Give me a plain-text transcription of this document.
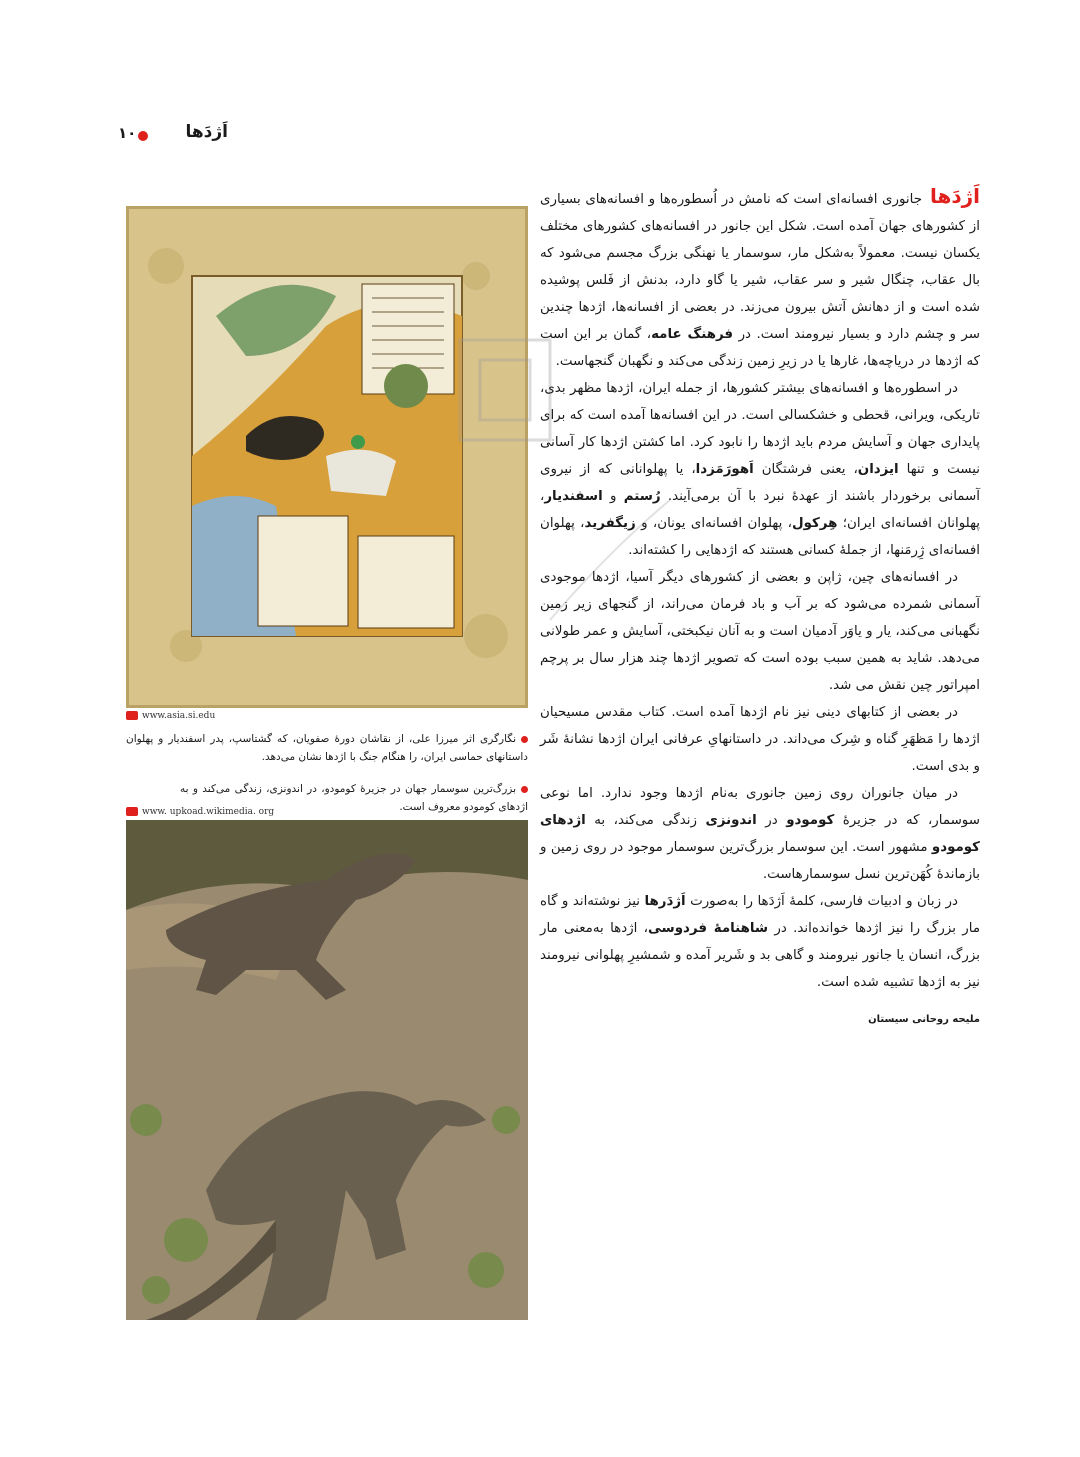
اَژدَها
۱۰
www.asia.si.edu
نگارگری اثر میرزا علی، از نقاشان دورهٔ صفویان، که گشتاسپ، پدر اسفندیار و پهلوان داستانهای حماسی ایران، را هنگام جنگ با اژدها نشان می‌دهد.
بزرگ‌ترین سوسمار جهان در جزیرهٔ کومودو، در اندونزی، زندگی می‌کند و به اژدهای کومودو معروف است.
www. upkoad.wikimedia. org

اَژدَهاجانوری افسانه‌ای است که نامش در اُسطوره‌ها و افسانه‌های بسیاری از کشورهای جهان آمده است. شکل این جانور در افسانه‌های کشورهای مختلف یکسان نیست. معمولاً به‌شکل مار، سوسمار یا نهنگی بزرگ مجسم می‌شود که بال عقاب، چنگال شیر و سر عقاب، شیر یا گاو دارد، بدنش از فَلس پوشیده شده است و از دهانش آتش بیرون می‌زند. در بعضی از افسانه‌ها، اژدها چندین سر و چشم دارد و بسیار نیرومند است. در فرهنگ عامه، گمان بر این است که اژدها در دریاچه‌ها، غارها یا در زیرِ زمین زندگی می‌کند و نگهبان گنجهاست.

در اسطوره‌ها و افسانه‌های بیشتر کشورها، از جمله ایران، اژدها مظهر بدی، تاریکی، ویرانی، قحطی و خشکسالی است. در این افسانه‌ها آمده است که برای پایداری جهان و آسایش مردم باید اژدها را نابود کرد. اما کشتن اژدها کار آسانی نیست و تنها ایزدان، یعنی فرشتگان اَهورَمَزدا، یا پهلوانانی که از نیروی آسمانی برخوردار باشند از عهدهٔ نبرد با آن برمی‌آیند. رُستم و اسفندیار، پهلوانان افسانه‌ای ایران؛ هِرکول، پهلوان افسانه‌ای یونان، و زیگفرید، پهلوان افسانه‌ای ژِرمَنها، از جملهٔ کسانی هستند که اژدهایی را کشته‌اند.

در افسانه‌های چین، ژاپن و بعضی از کشورهای دیگر آسیا، اژدها موجودی آسمانی شمرده می‌شود که بر آب و باد فرمان می‌راند، از گنجهای زیر زمین نگهبانی می‌کند، یار و یاوَر آدمیان است و به آنان نیکبختی، آسایش و عمر طولانی می‌دهد. شاید به همین سبب بوده است که تصویر اژدها چند هزار سال بر پرچم امپراتور چین نقش می‌ شد.

در بعضی از کتابهای دینی نیز نام اژدها آمده است. کتاب مقدس مسیحیان اژدها را مَظهَرِ گناه و شِرک می‌داند. در داستانهایِ عرفانی ایران اژدها نشانهٔ شَر و بدی است.

در میان جانوران روی زمین جانوری به‌نام اژدها وجود ندارد. اما نوعی سوسمار، که در جزیرهٔ کومودو در اندونزی زندگی می‌کند، به اژدهای کومودو مشهور است. این سوسمار بزرگ‌ترین سوسمار موجود در روی زمین و بازماندهٔ کُهَن‌ترین نسل سوسمارهاست.

در زبان و ادبیات فارسی، کلمهٔ اَژدَها را به‌صورت اَژدَرها نیز نوشته‌اند و گاه مار بزرگ را نیز اژدها خوانده‌اند. در شاهنامهٔ فردوسی، اژدها به‌معنی مار بزرگ، انسان یا جانور نیرومند و گاهی بد و شَریر آمده و شمشیرِ پهلوانی نیرومند نیز به اژدها تشبیه شده است.

ملیحه روحانی سیستان
